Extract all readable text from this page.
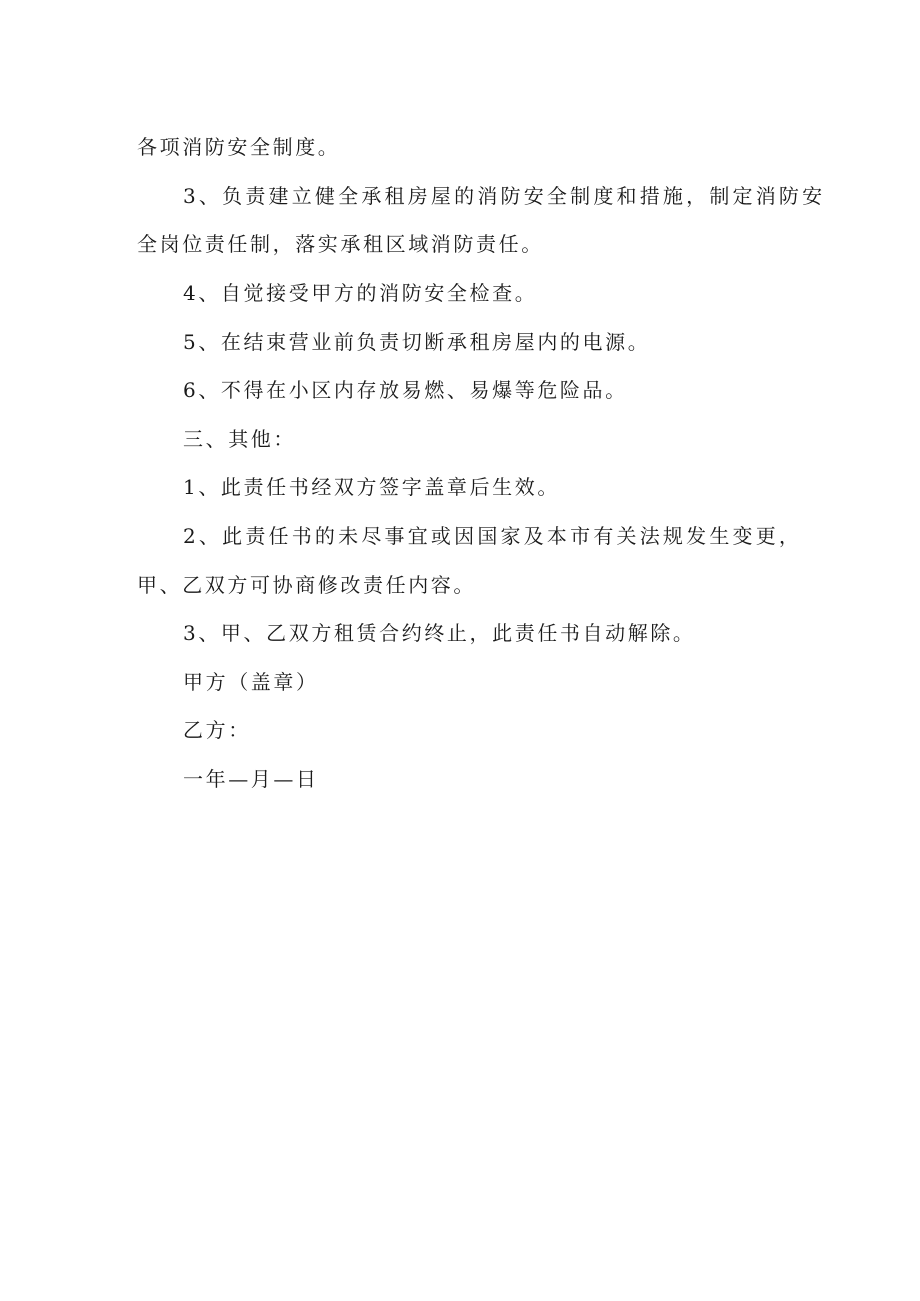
各项消防安全制度。
3、负责建立健全承租房屋的消防安全制度和措施，制定消防安
全岗位责任制，落实承租区域消防责任。
4、自觉接受甲方的消防安全检查。
5、在结束营业前负责切断承租房屋内的电源。
6、不得在小区内存放易燃、易爆等危险品。
三、其他：
1、此责任书经双方签字盖章后生效。
2、此责任书的未尽事宜或因国家及本市有关法规发生变更，
甲、乙双方可协商修改责任内容。
3、甲、乙双方租赁合约终止，此责任书自动解除。
甲方（盖章）
乙方：
一年—月—日
